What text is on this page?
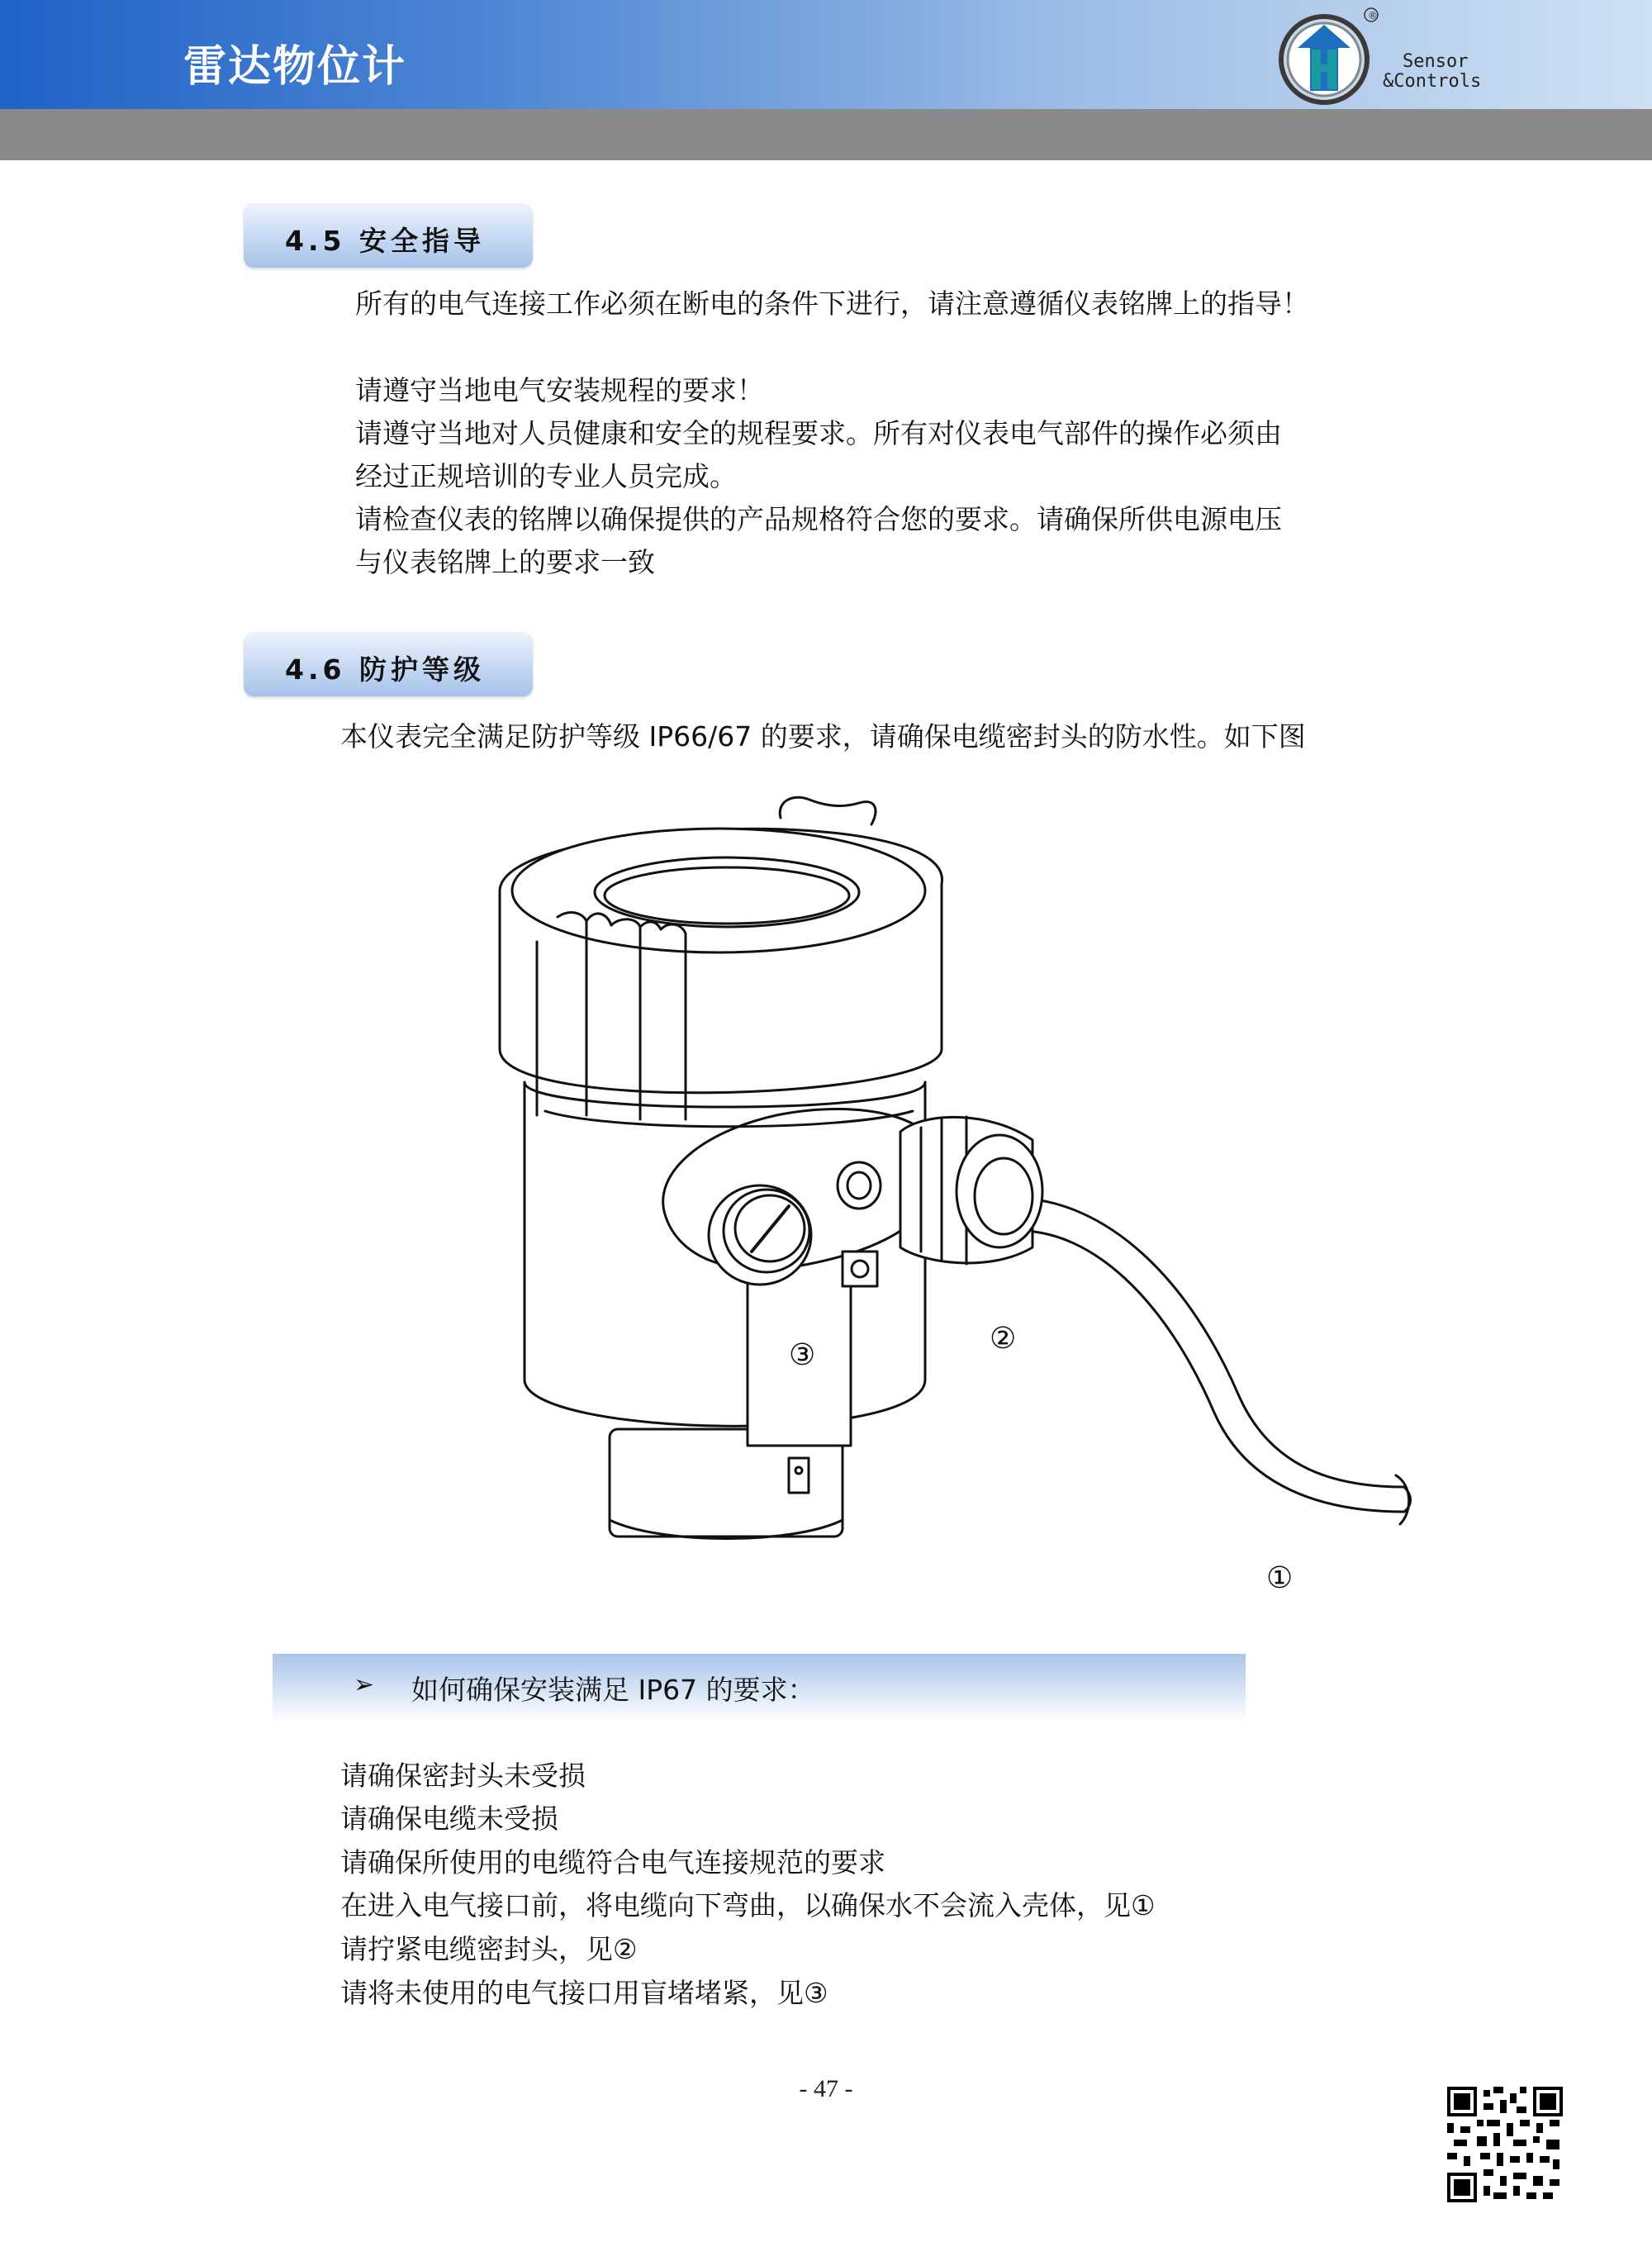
雷达物位计
®
Sensor
&Controls
4.5 安全指导
所有的电气连接工作必须在断电的条件下进行，请注意遵循仪表铭牌上的指导！
请遵守当地电气安装规程的要求！
请遵守当地对人员健康和安全的规程要求。所有对仪表电气部件的操作必须由
经过正规培训的专业人员完成。
请检查仪表的铭牌以确保提供的产品规格符合您的要求。请确保所供电源电压
与仪表铭牌上的要求一致
4.6 防护等级
本仪表完全满足防护等级 IP66/67 的要求，请确保电缆密封头的防水性。如下图
③	②
①
➢ 如何确保安装满足 IP67 的要求：
请确保密封头未受损
请确保电缆未受损
请确保所使用的电缆符合电气连接规范的要求
在进入电气接口前，将电缆向下弯曲，以确保水不会流入壳体，见①
请拧紧电缆密封头，见②
请将未使用的电气接口用盲堵堵紧，见③
- 47 -
